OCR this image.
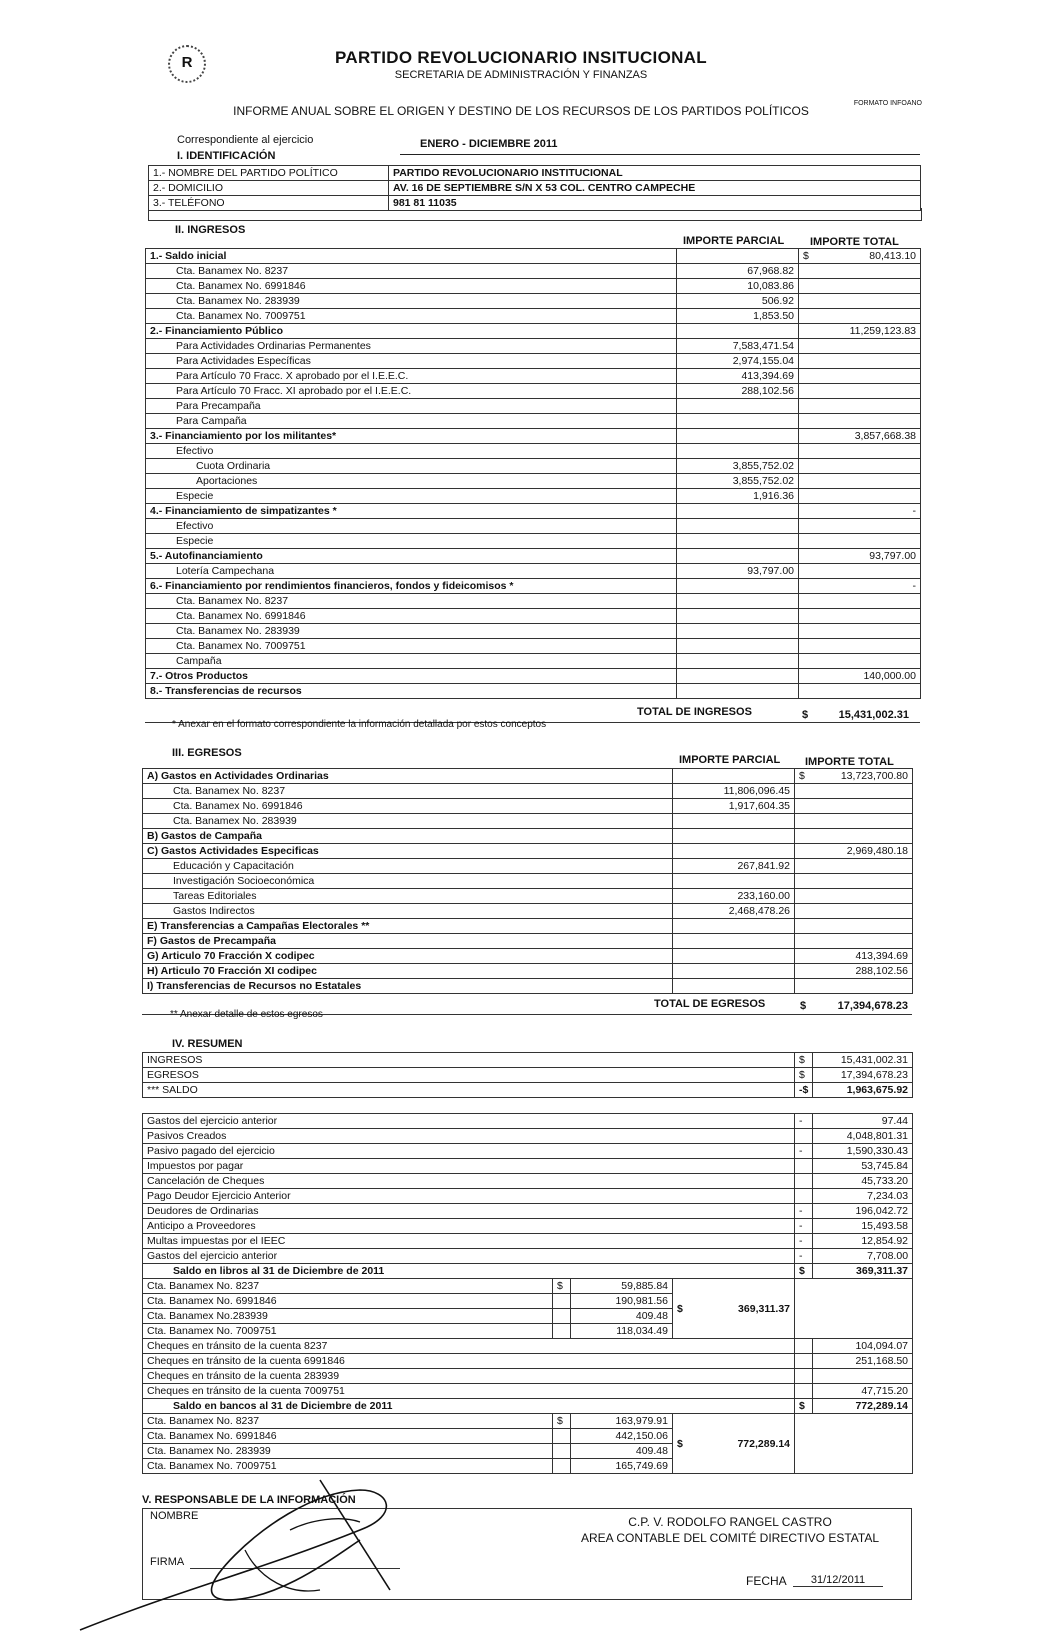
R	PARTIDO REVOLUCIONARIO INSITUCIONAL
SECRETARIA DE ADMINISTRACIÓN Y FINANZAS
FORMATO INFOANO
INFORME ANUAL SOBRE EL ORIGEN Y DESTINO DE LOS RECURSOS DE LOS PARTIDOS POLÍTICOS
Correspondiente al ejercicio	ENERO - DICIEMBRE 2011
I. IDENTIFICACIÓN
1.- NOMBRE DEL PARTIDO POLÍTICO	PARTIDO REVOLUCIONARIO INSTITUCIONAL
2.- DOMICILIO	AV. 16 DE SEPTIEMBRE S/N X 53 COL. CENTRO CAMPECHE
3.- TELÉFONO	981 81 11035
II. INGRESOS
IMPORTE PARCIAL IMPORTE TOTAL
1.- Saldo inicial		$ 80,413.10
Cta. Banamex No. 8237	67,968.82	
Cta. Banamex No. 6991846	10,083.86	
Cta. Banamex No. 283939	506.92	
Cta. Banamex No. 7009751	1,853.50	
2.- Financiamiento Público		11,259,123.83
Para Actividades Ordinarias Permanentes	7,583,471.54	
Para Actividades Específicas	2,974,155.04	
Para Artículo 70 Fracc. X aprobado por el I.E.E.C.	413,394.69	
Para Artículo 70 Fracc. XI aprobado por el I.E.E.C.	288,102.56	
Para Precampaña		
Para Campaña		
3.- Financiamiento por los militantes*		3,857,668.38
Efectivo		
Cuota Ordinaria	3,855,752.02	
Aportaciones	3,855,752.02	
Especie	1,916.36	
4.- Financiamiento de simpatizantes *		-
Efectivo		
Especie		
5.- Autofinanciamiento		93,797.00
Lotería Campechana	93,797.00	
6.- Financiamiento por rendimientos financieros, fondos y fideicomisos *		-
Cta. Banamex No. 8237		
Cta. Banamex No. 6991846		
Cta. Banamex No. 283939		
Cta. Banamex No. 7009751		
Campaña		
7.- Otros Productos		140,000.00
8.- Transferencias de recursos		
TOTAL DE INGRESOS	$	15,431,002.31
* Anexar en el formato correspondiente la información detallada por estos conceptos
III. EGRESOS
IMPORTE PARCIAL IMPORTE TOTAL
A) Gastos en Actividades Ordinarias		$ 13,723,700.80
Cta. Banamex No. 8237	11,806,096.45	
Cta. Banamex No. 6991846	1,917,604.35	
Cta. Banamex No. 283939		
B) Gastos de Campaña		
C) Gastos Actividades Especificas		2,969,480.18
Educación y Capacitación	267,841.92	
Investigación Socioeconómica		
Tareas Editoriales	233,160.00	
Gastos Indirectos	2,468,478.26	
E) Transferencias a Campañas Electorales **		
F) Gastos de Precampaña		
G) Articulo 70 Fracción X codipec		413,394.69
H) Articulo 70 Fracción XI codipec		288,102.56
I) Transferencias de Recursos no Estatales		
TOTAL DE EGRESOS	$	17,394,678.23
** Anexar detalle de estos egresos
IV. RESUMEN
INGRESOS	$	15,431,002.31
EGRESOS	$	17,394,678.23
*** SALDO	-$	1,963,675.92
Gastos del ejercicio anterior				-	97.44
Pasivos Creados					4,048,801.31
Pasivo pagado del ejercicio				-	1,590,330.43
Impuestos por pagar					53,745.84
Cancelación de Cheques					45,733.20
Pago Deudor Ejercicio Anterior					7,234.03
Deudores de Ordinarias				-	196,042.72
Anticipo a Proveedores				-	15,493.58
Multas impuestas por el IEEC				-	12,854.92
Gastos del ejercicio anterior				-	7,708.00
Saldo en libros al 31 de Diciembre de 2011				$	369,311.37
Cta. Banamex No. 8237	$	59,885.84	$ 369,311.37		

Cta. Banamex No. 6991846		190,981.56			
Cta. Banamex No.283939		409.48			
Cta. Banamex No. 7009751		118,034.49			
Cheques en tránsito de la cuenta 8237					104,094.07
Cheques en tránsito de la cuenta 6991846					251,168.50
Cheques en tránsito de la cuenta 283939					
Cheques en tránsito de la cuenta 7009751					47,715.20
Saldo en bancos al 31 de Diciembre de 2011				$	772,289.14
Cta. Banamex No. 8237	$	163,979.91	$ 772,289.14		

Cta. Banamex No. 6991846		442,150.06			
Cta. Banamex No. 283939		409.48			
Cta. Banamex No. 7009751		165,749.69			
V. RESPONSABLE DE LA INFORMACIÓN
NOMBRE
FIRMA
C.P. V. RODOLFO RANGEL CASTRO
AREA CONTABLE DEL COMITÉ DIRECTIVO ESTATAL
FECHA	31/12/2011
